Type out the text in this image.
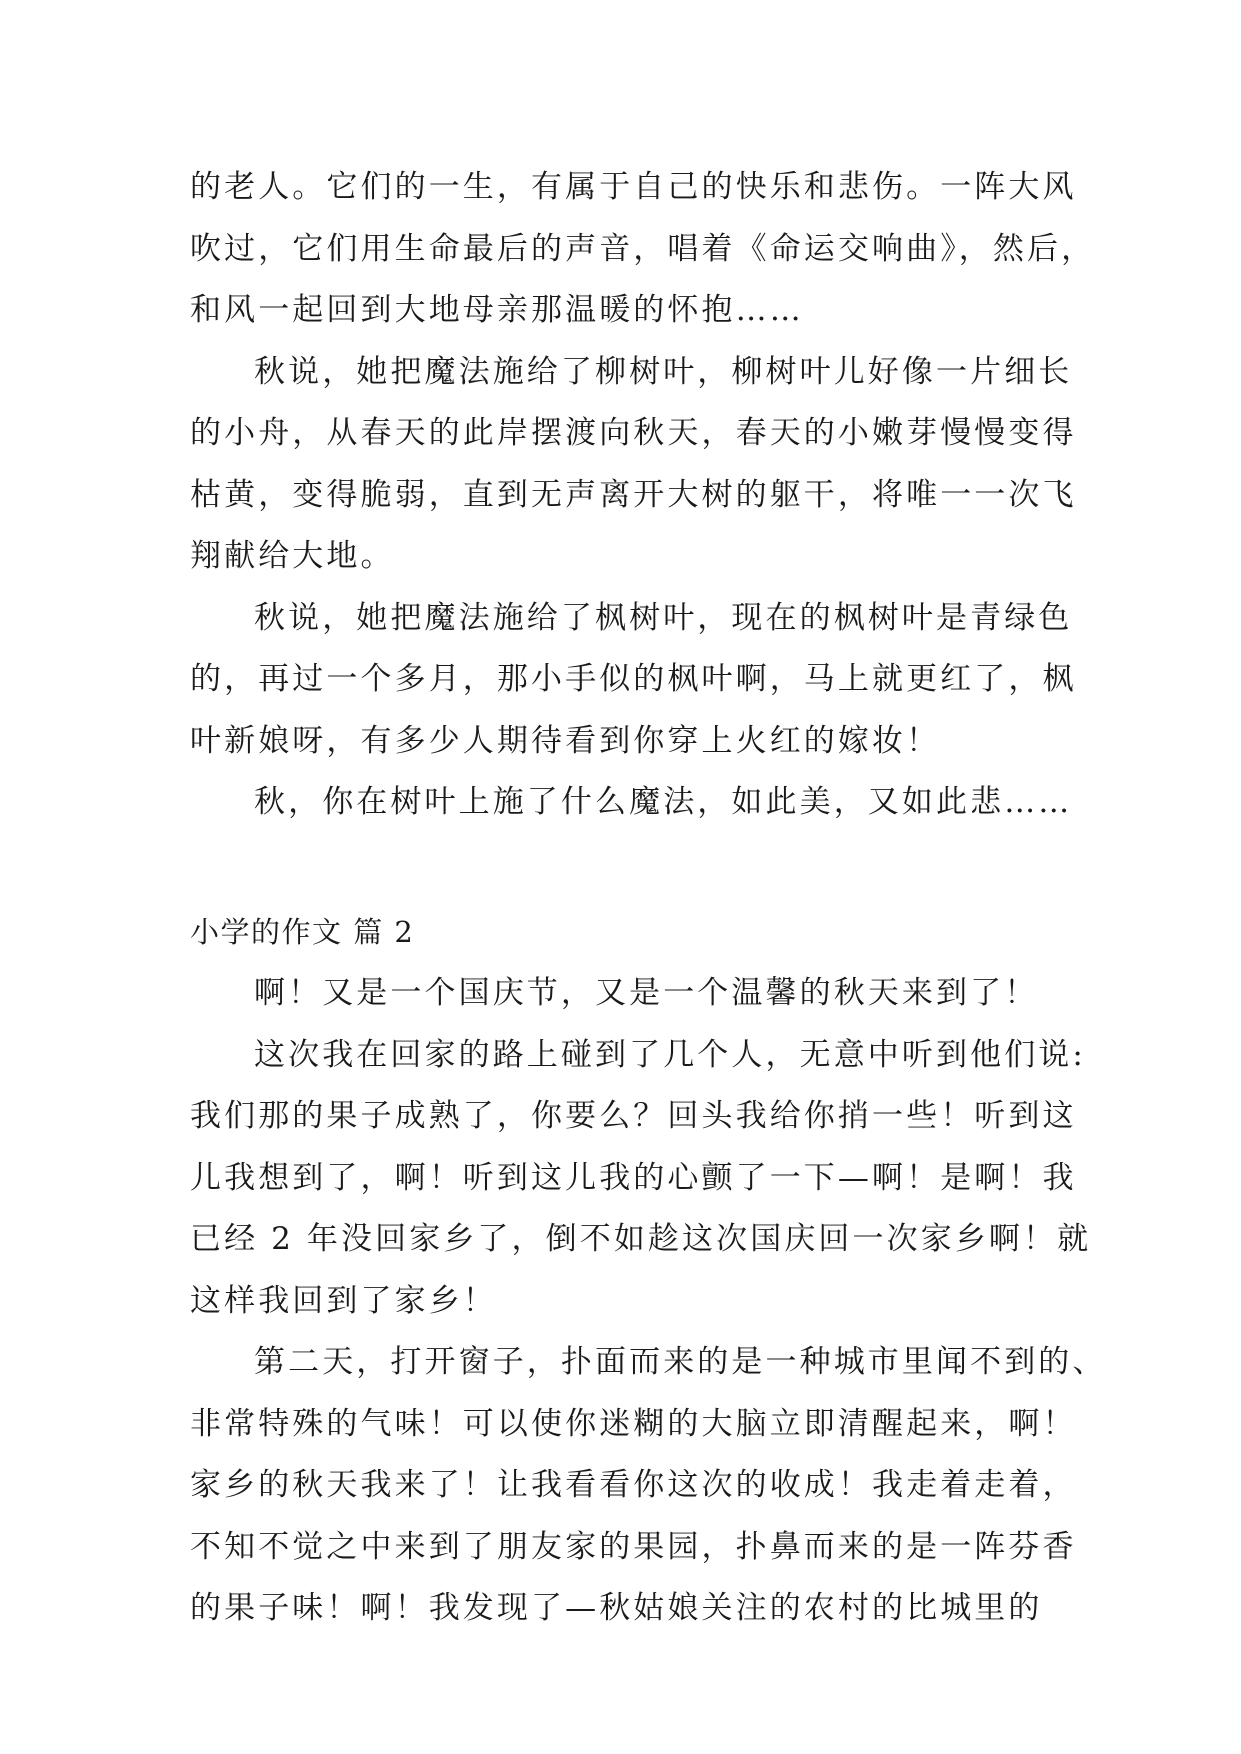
的老人。它们的一生，有属于自己的快乐和悲伤。一阵大风
吹过，它们用生命最后的声音，唱着《命运交响曲》，然后，
和风一起回到大地母亲那温暖的怀抱……
秋说，她把魔法施给了柳树叶，柳树叶儿好像一片细长
的小舟，从春天的此岸摆渡向秋天，春天的小嫩芽慢慢变得
枯黄，变得脆弱，直到无声离开大树的躯干，将唯一一次飞
翔献给大地。
秋说，她把魔法施给了枫树叶，现在的枫树叶是青绿色
的，再过一个多月，那小手似的枫叶啊，马上就更红了，枫
叶新娘呀，有多少人期待看到你穿上火红的嫁妆！
秋，你在树叶上施了什么魔法，如此美，又如此悲……
小学的作文 篇 2
啊！又是一个国庆节，又是一个温馨的秋天来到了！
这次我在回家的路上碰到了几个人，无意中听到他们说:
我们那的果子成熟了，你要么？回头我给你捎一些！听到这
儿我想到了，啊！听到这儿我的心颤了一下—啊！是啊！我
已经 2 年没回家乡了，倒不如趁这次国庆回一次家乡啊！就
这样我回到了家乡！
第二天，打开窗子，扑面而来的是一种城市里闻不到的、
非常特殊的气味！可以使你迷糊的大脑立即清醒起来，啊！
家乡的秋天我来了！让我看看你这次的收成！我走着走着，
不知不觉之中来到了朋友家的果园，扑鼻而来的是一阵芬香
的果子味！啊！我发现了—秋姑娘关注的农村的比城里的
